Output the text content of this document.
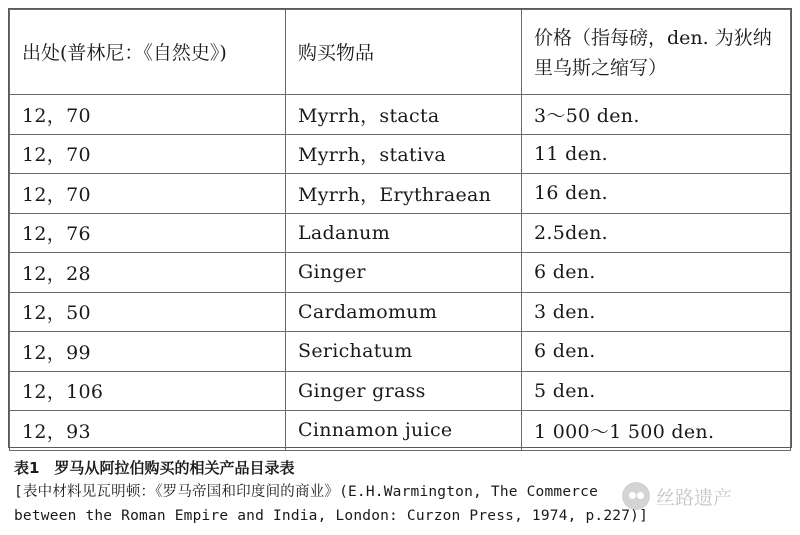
出处(普林尼：《自然史》)	购买物品	价格（指每磅，den. 为狄纳里乌斯之缩写）
12，70	Myrrh，stacta	3～50 den.
12，70	Myrrh，stativa	11 den.
12，70	Myrrh，Erythraean	16 den.
12，76	Ladanum	2.5den.
12，28	Ginger	6 den.
12，50	Cardamomum	3 den.
12，99	Serichatum	6 den.
12，106	Ginger grass	5 den.
12，93	Cinnamon juice	1 000～1 500 den.
表1　罗马从阿拉伯购买的相关产品目录表
[表中材料见瓦明顿：《罗马帝国和印度间的商业》(E.H.Warmington, The Commerce
between the Roman Empire and India, London: Curzon Press, 1974, p.227)]
丝路遗产
